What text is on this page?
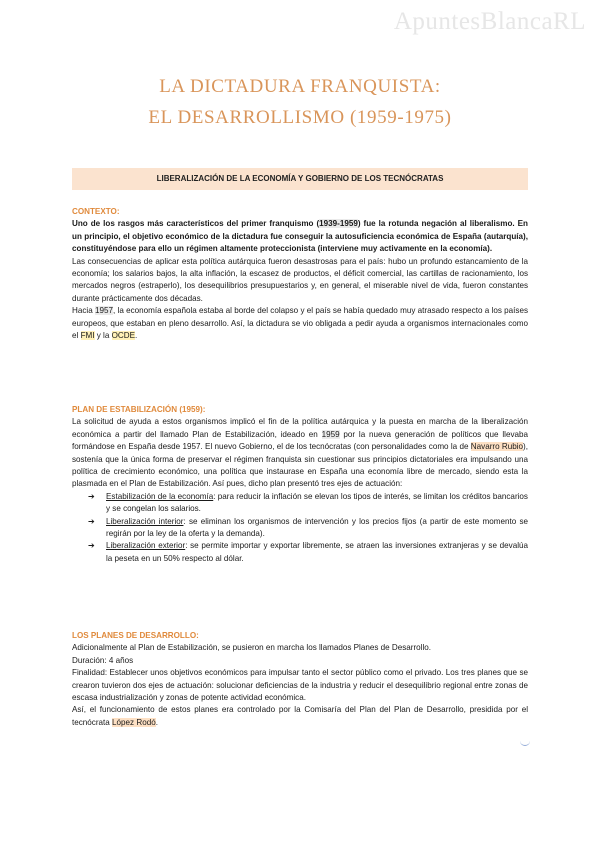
ApuntesBlancaRL
LA DICTADURA FRANQUISTA:
EL DESARROLLISMO (1959-1975)
LIBERALIZACIÓN DE LA ECONOMÍA Y GOBIERNO DE LOS TECNÓCRATAS
CONTEXTO:
Uno de los rasgos más característicos del primer franquismo (1939-1959) fue la rotunda negación al liberalismo. En un principio, el objetivo económico de la dictadura fue conseguir la autosuficiencia económica de España (autarquía), constituyéndose para ello un régimen altamente proteccionista (interviene muy activamente en la economía).
Las consecuencias de aplicar esta política autárquica fueron desastrosas para el país: hubo un profundo estancamiento de la economía; los salarios bajos, la alta inflación, la escasez de productos, el déficit comercial, las cartillas de racionamiento, los mercados negros (estraperlo), los desequilibrios presupuestarios y, en general, el miserable nivel de vida, fueron constantes durante prácticamente dos décadas.
Hacia 1957, la economía española estaba al borde del colapso y el país se había quedado muy atrasado respecto a los países europeos, que estaban en pleno desarrollo. Así, la dictadura se vio obligada a pedir ayuda a organismos internacionales como el FMI y la OCDE.
PLAN DE ESTABILIZACIÓN (1959):
La solicitud de ayuda a estos organismos implicó el fin de la política autárquica y la puesta en marcha de la liberalización económica a partir del llamado Plan de Estabilización, ideado en 1959 por la nueva generación de políticos que llevaba formándose en España desde 1957. El nuevo Gobierno, el de los tecnócratas (con personalidades como la de Navarro Rubio), sostenía que la única forma de preservar el régimen franquista sin cuestionar sus principios dictatoriales era impulsando una política de crecimiento económico, una política que instaurase en España una economía libre de mercado, siendo esta la plasmada en el Plan de Estabilización. Así pues, dicho plan presentó tres ejes de actuación:
➔ Estabilización de la economía: para reducir la inflación se elevan los tipos de interés, se limitan los créditos bancarios y se congelan los salarios.
➔ Liberalización interior: se eliminan los organismos de intervención y los precios fijos (a partir de este momento se regirán por la ley de la oferta y la demanda).
➔ Liberalización exterior: se permite importar y exportar libremente, se atraen las inversiones extranjeras y se devalúa la peseta en un 50% respecto al dólar.
LOS PLANES DE DESARROLLO:
Adicionalmente al Plan de Estabilización, se pusieron en marcha los llamados Planes de Desarrollo.
Duración: 4 años
Finalidad: Establecer unos objetivos económicos para impulsar tanto el sector público como el privado. Los tres planes que se crearon tuvieron dos ejes de actuación: solucionar deficiencias de la industria y reducir el desequilibrio regional entre zonas de escasa industrialización y zonas de potente actividad económica.
Así, el funcionamiento de estos planes era controlado por la Comisaría del Plan del Plan de Desarrollo, presidida por el tecnócrata López Rodó.
